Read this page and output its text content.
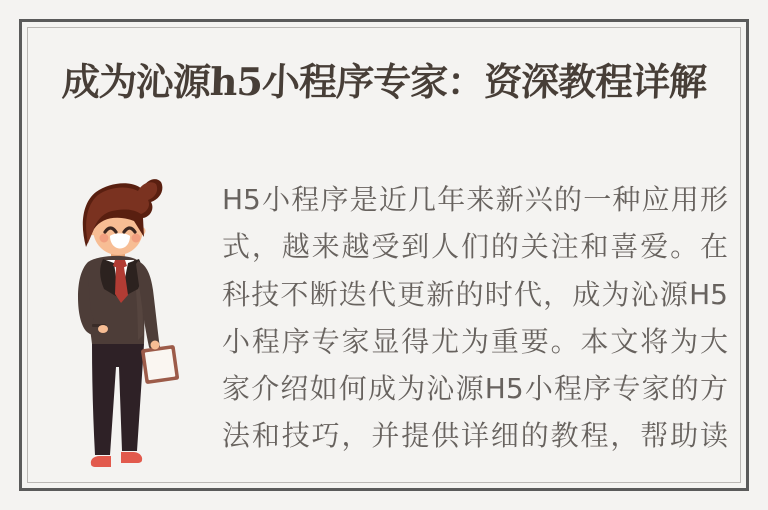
成为沁源h5小程序专家：资深教程详解
H5小程序是近几年来新兴的一种应用形
式，越来越受到人们的关注和喜爱。在
科技不断迭代更新的时代，成为沁源H5
小程序专家显得尤为重要。本文将为大
家介绍如何成为沁源H5小程序专家的方
法和技巧，并提供详细的教程，帮助读
